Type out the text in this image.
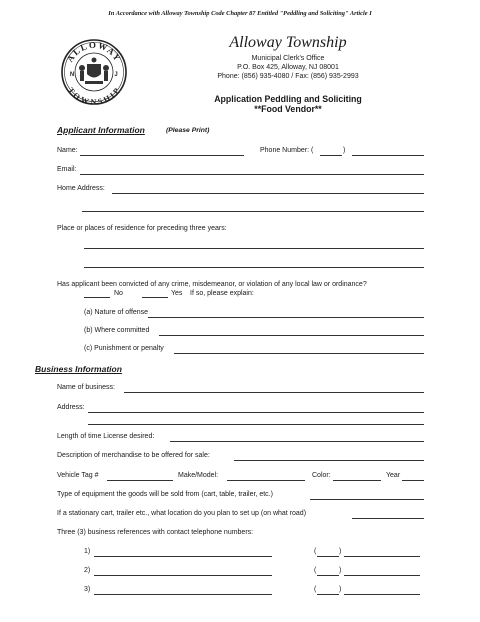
In Accordance with Alloway Township Code Chapter 87 Entitled "Peddling and Soliciting" Article I
ALLOWAY
TOWNSHIP
N	J
Alloway Township
Municipal Clerk's Office
P.O. Box 425, Alloway, NJ 08001
Phone: (856) 935-4080 / Fax: (856) 935-2993
Application Peddling and Soliciting
**Food Vendor**
Applicant Information	(Please Print)
Name:	Phone Number: (	)
Email:
Home Address:
Place or places of residence for preceding three years:
Has applicant been convicted of any crime, misdemeanor, or violation of any local law or ordinance?
No	Yes If so, please explain:
(a) Nature of offense
(b) Where committed
(c) Punishment or penalty
Business Information
Name of business:
Address:
Length of time License desired:
Description of merchandise to be offered for sale:
Vehicle Tag #	Make/Model:	Color:	Year
Type of equipment the goods will be sold from (cart, table, trailer, etc.)
If a stationary cart, trailer etc., what location do you plan to set up (on what road)
Three (3) business references with contact telephone numbers:
1)	(	)
2)	(	)
3)	(	)
